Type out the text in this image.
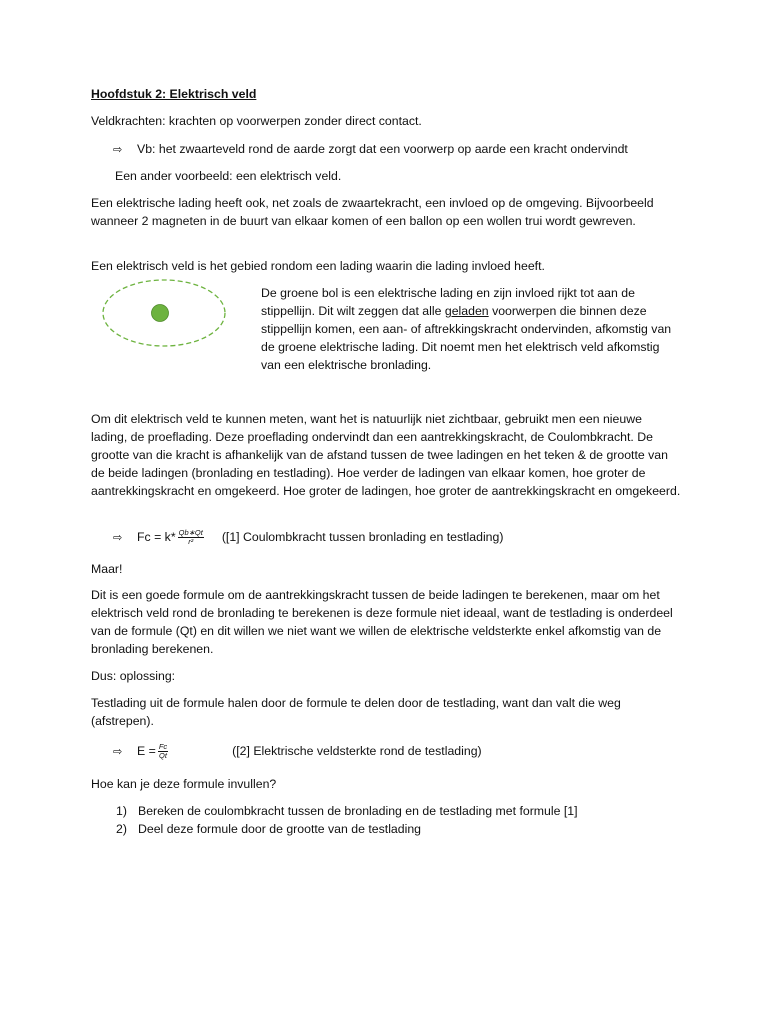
Hoofdstuk 2: Elektrisch veld
Veldkrachten: krachten op voorwerpen zonder direct contact.
⇨ Vb: het zwaarteveld rond de aarde zorgt dat een voorwerp op aarde een kracht ondervindt
Een ander voorbeeld: een elektrisch veld.
Een elektrische lading heeft ook, net zoals de zwaartekracht, een invloed op de omgeving. Bijvoorbeeld wanneer 2 magneten in de buurt van elkaar komen of een ballon op een wollen trui wordt gewreven.
Een elektrisch veld is het gebied rondom een lading waarin die lading invloed heeft.
De groene bol is een elektrische lading en zijn invloed rijkt tot aan de stippellijn. Dit wilt zeggen dat alle geladen voorwerpen die binnen deze stippellijn komen, een aan- of aftrekkingskracht ondervinden, afkomstig van de groene elektrische lading. Dit noemt men het elektrisch veld afkomstig van een elektrische bronlading.
Om dit elektrisch veld te kunnen meten, want het is natuurlijk niet zichtbaar, gebruikt men een nieuwe lading, de proeflading. Deze proeflading ondervindt dan een aantrekkingskracht, de Coulombkracht. De grootte van die kracht is afhankelijk van de afstand tussen de twee ladingen en het teken & de grootte van de beide ladingen (bronlading en testlading). Hoe verder de ladingen van elkaar komen, hoe groter de aantrekkingskracht en omgekeerd. Hoe groter de ladingen, hoe groter de aantrekkingskracht en omgekeerd.
⇨ $Fc = k* \frac{Qb∗Qt}{\text{r²}} ([1]$ Coulombkracht tussen bronlading en testlading)
Maar!
Dit is een goede formule om de aantrekkingskracht tussen de beide ladingen te berekenen, maar om het elektrisch veld rond de bronlading te berekenen is deze formule niet ideaal, want de testlading is onderdeel van de formule (Qt) en dit willen we niet want we willen de elektrische veldsterkte enkel afkomstig van de bronlading berekenen.
Dus: oplossing:
Testlading uit de formule halen door de formule te delen door de testlading, want dan valt die weg (afstrepen).
⇨ $E = \frac{Fc}{Qt}$	([2] Elektrische veldsterkte rond de testlading)
Hoe kan je deze formule invullen?
1) Bereken de coulombkracht tussen de bronlading en de testlading met formule [1]
2) Deel deze formule door de grootte van de testlading
